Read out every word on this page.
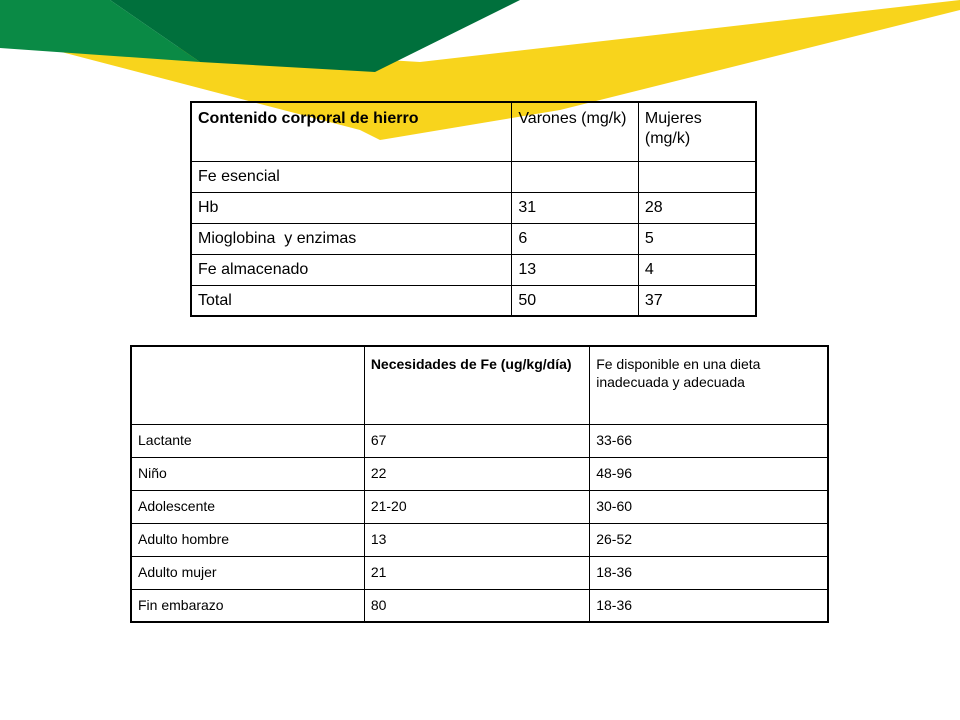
Contenido corporal de hierro	Varones (mg/k)	Mujeres (mg/k)
Fe esencial		
Hb	31	28
Mioglobina  y enzimas	6	5
Fe almacenado	13	4
Total	50	37
	Necesidades de Fe (ug/kg/día)	Fe disponible en una dieta inadecuada y adecuada
Lactante	67	33-66
Niño	22	48-96
Adolescente	21-20	30-60
Adulto hombre	13	26-52
Adulto mujer	21	18-36
Fin embarazo	80	18-36
